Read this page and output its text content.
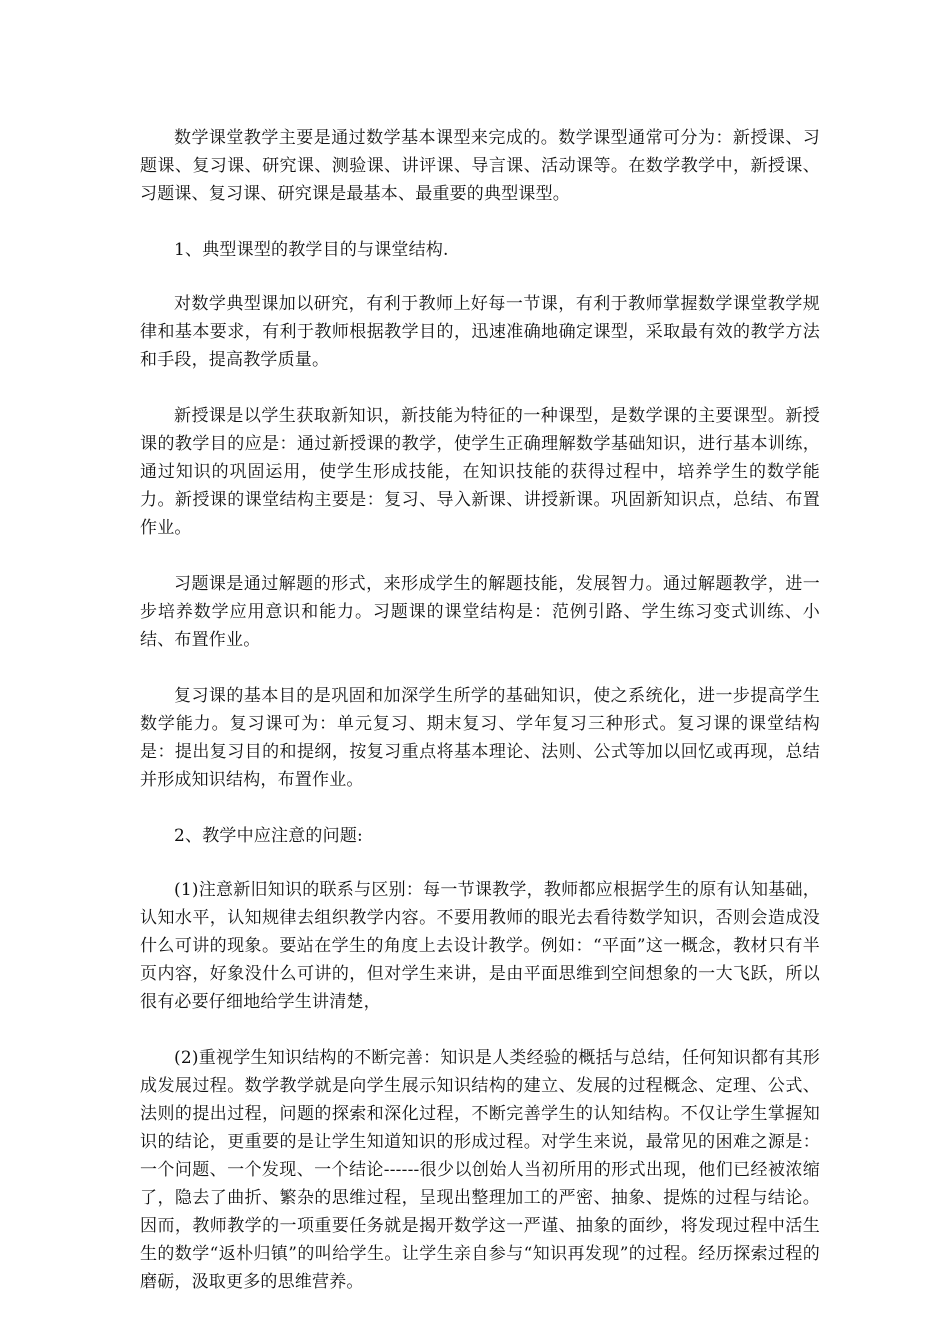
数学课堂教学主要是通过数学基本课型来完成的。数学课型通常可分为：新授课、习题课、复习课、研究课、测验课、讲评课、导言课、活动课等。在数学教学中，新授课、习题课、复习课、研究课是最基本、最重要的典型课型。

1、典型课型的教学目的与课堂结构.

对数学典型课加以研究，有利于教师上好每一节课，有利于教师掌握数学课堂教学规律和基本要求，有利于教师根据教学目的，迅速准确地确定课型，采取最有效的教学方法和手段，提高教学质量。

新授课是以学生获取新知识，新技能为特征的一种课型，是数学课的主要课型。新授课的教学目的应是：通过新授课的教学，使学生正确理解数学基础知识，进行基本训练，通过知识的巩固运用，使学生形成技能，在知识技能的获得过程中，培养学生的数学能力。新授课的课堂结构主要是：复习、导入新课、讲授新课。巩固新知识点，总结、布置作业。

习题课是通过解题的形式，来形成学生的解题技能，发展智力。通过解题教学，进一步培养数学应用意识和能力。习题课的课堂结构是：范例引路、学生练习变式训练、小结、布置作业。

复习课的基本目的是巩固和加深学生所学的基础知识，使之系统化，进一步提高学生数学能力。复习课可为：单元复习、期末复习、学年复习三种形式。复习课的课堂结构是：提出复习目的和提纲，按复习重点将基本理论、法则、公式等加以回忆或再现，总结并形成知识结构，布置作业。

2、教学中应注意的问题:

(1)注意新旧知识的联系与区别：每一节课教学，教师都应根据学生的原有认知基础，认知水平，认知规律去组织教学内容。不要用教师的眼光去看待数学知识，否则会造成没什么可讲的现象。要站在学生的角度上去设计教学。例如：“平面”这一概念，教材只有半页内容，好象没什么可讲的，但对学生来讲，是由平面思维到空间想象的一大飞跃，所以很有必要仔细地给学生讲清楚，

(2)重视学生知识结构的不断完善：知识是人类经验的概括与总结，任何知识都有其形成发展过程。数学教学就是向学生展示知识结构的建立、发展的过程概念、定理、公式、法则的提出过程，问题的探索和深化过程，不断完善学生的认知结构。不仅让学生掌握知识的结论，更重要的是让学生知道知识的形成过程。对学生来说，最常见的困难之源是：一个问题、一个发现、一个结论------很少以创始人当初所用的形式出现，他们已经被浓缩了，隐去了曲折、繁杂的思维过程，呈现出整理加工的严密、抽象、提炼的过程与结论。因而，教师教学的一项重要任务就是揭开数学这一严谨、抽象的面纱，将发现过程中活生生的数学“返朴归镇”的叫给学生。让学生亲自参与“知识再发现”的过程。经历探索过程的磨砺，汲取更多的思维营养。
